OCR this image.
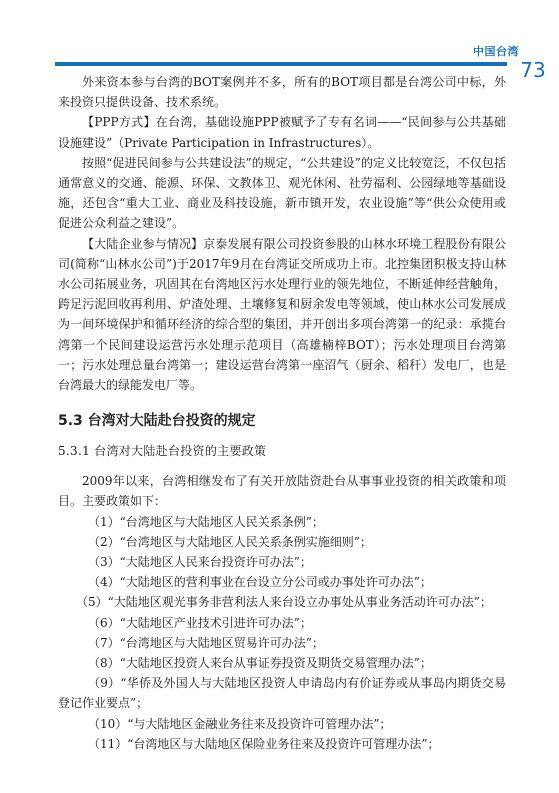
中国台湾
73

外来资本参与台湾的BOT案例并不多，所有的BOT项目都是台湾公司中标，外来投资只提供设备、技术系统。

【PPP方式】在台湾，基础设施PPP被赋予了专有名词——“民间参与公共基础设施建设”（Private Participation in Infrastructures）。

按照“促进民间参与公共建设法”的规定，“公共建设”的定义比较宽泛，不仅包括通常意义的交通、能源、环保、文教体卫、观光休闲、社劳福利、公园绿地等基础设施，还包含“重大工业、商业及科技设施，新市镇开发，农业设施”等“供公众使用或促进公众利益之建设”。

【大陆企业参与情况】京泰发展有限公司投资参股的山林水环境工程股份有限公司(简称“山林水公司”)于2017年9月在台湾证交所成功上市。北控集团积极支持山林水公司拓展业务，巩固其在台湾地区污水处理行业的领先地位，不断延伸经营触角，跨足污泥回收再利用、炉渣处理、土壤修复和厨余发电等领域，使山林水公司发展成为一间环境保护和循环经济的综合型的集团，并开创出多项台湾第一的纪录：承揽台湾第一个民间建设运营污水处理示范项目（高雄楠梓BOT）；污水处理项目台湾第一；污水处理总量台湾第一；建设运营台湾第一座沼气（厨余、稻秆）发电厂，也是台湾最大的绿能发电厂等。

5.3 台湾对大陆赴台投资的规定
5.3.1 台湾对大陆赴台投资的主要政策

2009年以来，台湾相继发布了有关开放陆资赴台从事事业投资的相关政策和项目。主要政策如下：

（1）“台湾地区与大陆地区人民关系条例”；

（2）“台湾地区与大陆地区人民关系条例实施细则”；

（3）“大陆地区人民来台投资许可办法”；

（4）“大陆地区的营利事业在台设立分公司或办事处许可办法”；

（5）“大陆地区观光事务非营利法人来台设立办事处从事业务活动许可办法”；

（6）“大陆地区产业技术引进许可办法”；

（7）“台湾地区与大陆地区贸易许可办法”；

（8）“大陆地区投资人来台从事证券投资及期货交易管理办法”；

（9）“华侨及外国人与大陆地区投资人申请岛内有价证券或从事岛内期货交易登记作业要点”；

（10）“与大陆地区金融业务往来及投资许可管理办法”；

（11）“台湾地区与大陆地区保险业务往来及投资许可管理办法”；
